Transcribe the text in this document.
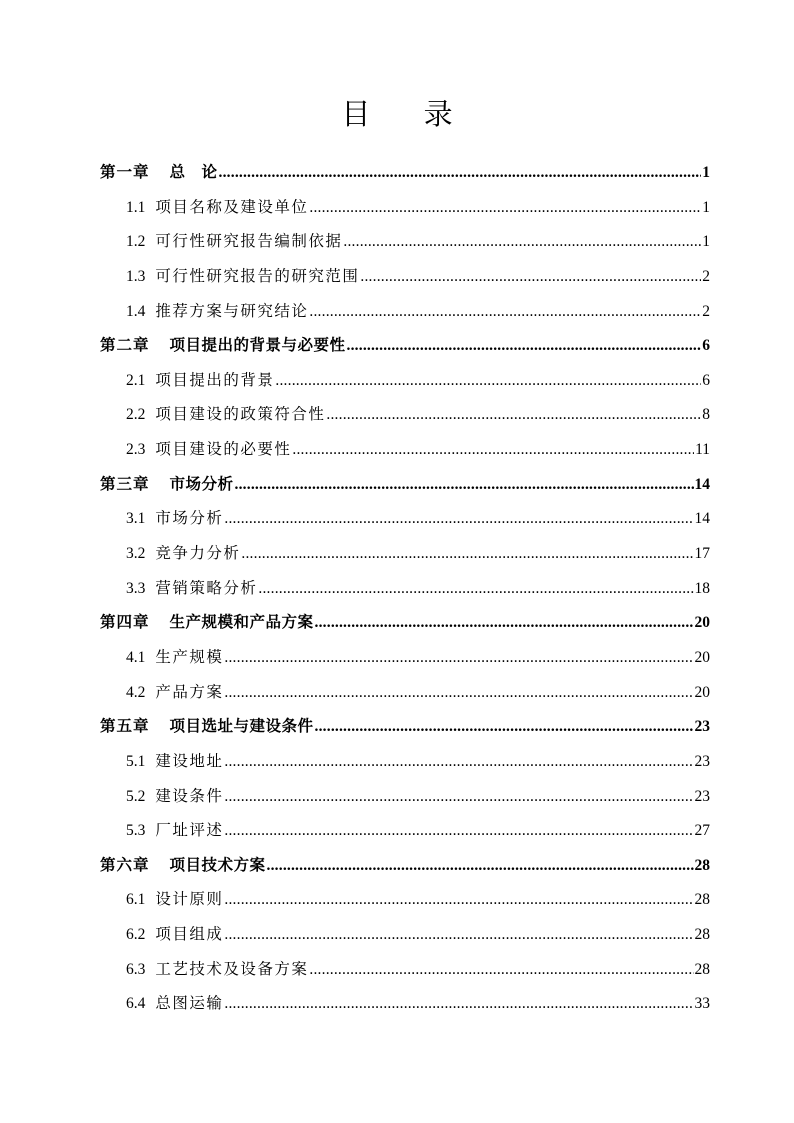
目 录
第一章 总　论 .....	1
1.1 项目名称及建设单位 .....	1
1.2 可行性研究报告编制依据 .....	1
1.3 可行性研究报告的研究范围 .....	2
1.4 推荐方案与研究结论 .....	2
第二章 项目提出的背景与必要性 .....	6
2.1 项目提出的背景 .....	6
2.2 项目建设的政策符合性 .....	8
2.3 项目建设的必要性 .....	11
第三章 市场分析 .....	14
3.1 市场分析 .....	14
3.2 竞争力分析 .....	17
3.3 营销策略分析 .....	18
第四章 生产规模和产品方案 .....	20
4.1 生产规模 .....	20
4.2 产品方案 .....	20
第五章 项目选址与建设条件 .....	23
5.1 建设地址 .....	23
5.2 建设条件 .....	23
5.3 厂址评述 .....	27
第六章 项目技术方案 .....	28
6.1 设计原则 .....	28
6.2 项目组成 .....	28
6.3 工艺技术及设备方案 .....	28
6.4 总图运输 .....	33
